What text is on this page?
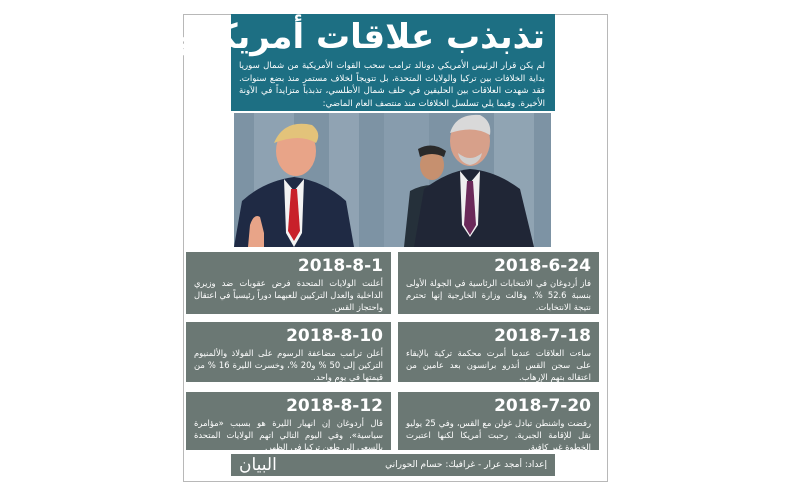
تذبذب علاقات أمريكا وتركيا
لم يكن قرار الرئيس الأمريكي دونالد ترامب سحب القوات الأمريكية من شمال سوريا بداية الخلافات بين تركيا والولايات المتحدة، بل تتويجاً لخلاف مستمر منذ بضع سنوات. فقد شهدت العلاقات بين الحليفين في حلف شمال الأطلسي، تذبذباً متزايداً في الآونة الأخيرة. وفيما يلي تسلسل الخلافات منذ منتصف العام الماضي:
2018-6-24
فاز أردوغان في الانتخابات الرئاسية في الجولة الأولى بنسبة 52.6 %. وقالت وزارة الخارجية إنها تحترم نتيجة الانتخابات.
2018-7-18
ساءت العلاقات عندما أمرت محكمة تركية بالإبقاء على سجن القس أندرو برانسون بعد عامين من اعتقاله بتهم الإرهاب.
2018-7-20
رفضت واشنطن تبادل غولن مع القس، وفي 25 يوليو نقل للإقامة الجبرية. رحبت أمريكا لكنها اعتبرت الخطوة غير كافية.
2018-8-1
أعلنت الولايات المتحدة فرض عقوبات ضد وزيري الداخلية والعدل التركيين للعبهما دوراً رئيسياً في اعتقال واحتجاز القس.
2018-8-10
أعلن ترامب مضاعفة الرسوم على الفولاذ والألمنيوم التركين إلى 50 % و20 %، وخسرت الليرة 16 % من قيمتها في يوم واحد.
2018-8-12
قال أردوغان إن انهيار الليرة هو بسبب «مؤامرة سياسية». وفي اليوم التالي اتهم الولايات المتحدة بالسعي إلى طعن تركيا في الظهر.
إعداد: أمجد عرار - غرافيك: حسام الحوراني
البيان
